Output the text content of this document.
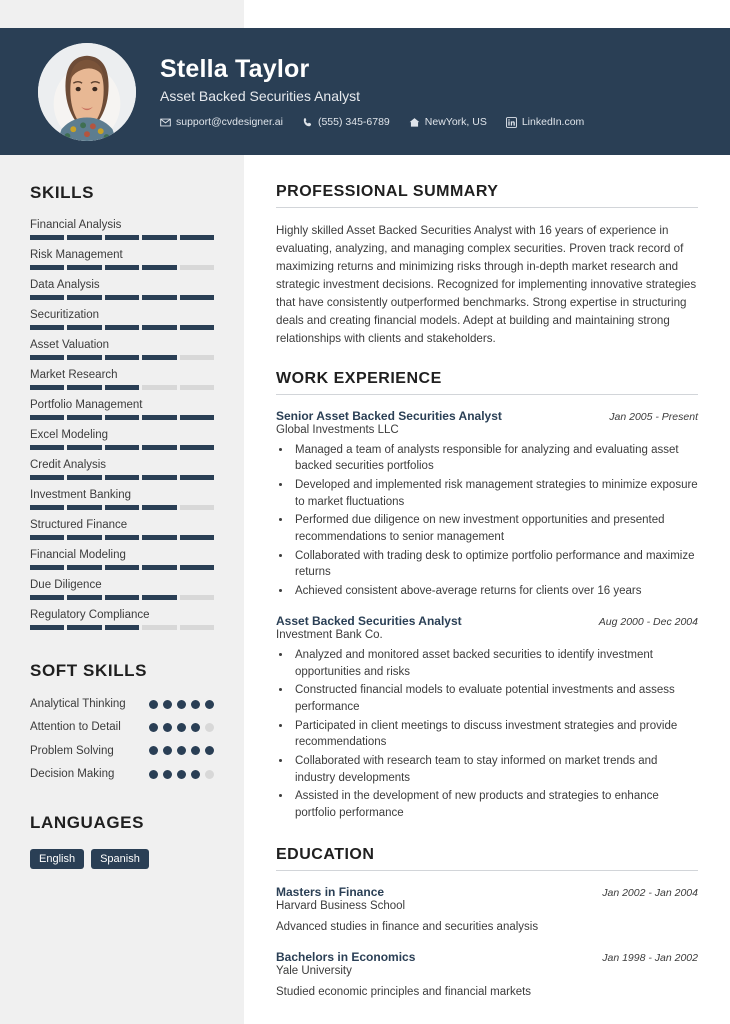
Stella Taylor
Asset Backed Securities Analyst
support@cvdesigner.ai	(555) 345-6789	NewYork, US	LinkedIn.com
SKILLS
Financial Analysis
Risk Management
Data Analysis
Securitization
Asset Valuation
Market Research
Portfolio Management
Excel Modeling
Credit Analysis
Investment Banking
Structured Finance
Financial Modeling
Due Diligence
Regulatory Compliance
SOFT SKILLS
Analytical Thinking
Attention to Detail
Problem Solving
Decision Making
LANGUAGES
English	Spanish
PROFESSIONAL SUMMARY
Highly skilled Asset Backed Securities Analyst with 16 years of experience in evaluating, analyzing, and managing complex securities. Proven track record of maximizing returns and minimizing risks through in-depth market research and strategic investment decisions. Recognized for implementing innovative strategies that have consistently outperformed benchmarks. Strong expertise in structuring deals and creating financial models. Adept at building and maintaining strong relationships with clients and stakeholders.
WORK EXPERIENCE
Senior Asset Backed Securities Analyst	Jan 2005 - Present
Global Investments LLC
• Managed a team of analysts responsible for analyzing and evaluating asset backed securities portfolios
• Developed and implemented risk management strategies to minimize exposure to market fluctuations
• Performed due diligence on new investment opportunities and presented recommendations to senior management
• Collaborated with trading desk to optimize portfolio performance and maximize returns
• Achieved consistent above-average returns for clients over 16 years
Asset Backed Securities Analyst	Aug 2000 - Dec 2004
Investment Bank Co.
• Analyzed and monitored asset backed securities to identify investment opportunities and risks
• Constructed financial models to evaluate potential investments and assess performance
• Participated in client meetings to discuss investment strategies and provide recommendations
• Collaborated with research team to stay informed on market trends and industry developments
• Assisted in the development of new products and strategies to enhance portfolio performance
EDUCATION
Masters in Finance	Jan 2002 - Jan 2004
Harvard Business School
Advanced studies in finance and securities analysis
Bachelors in Economics	Jan 1998 - Jan 2002
Yale University
Studied economic principles and financial markets
